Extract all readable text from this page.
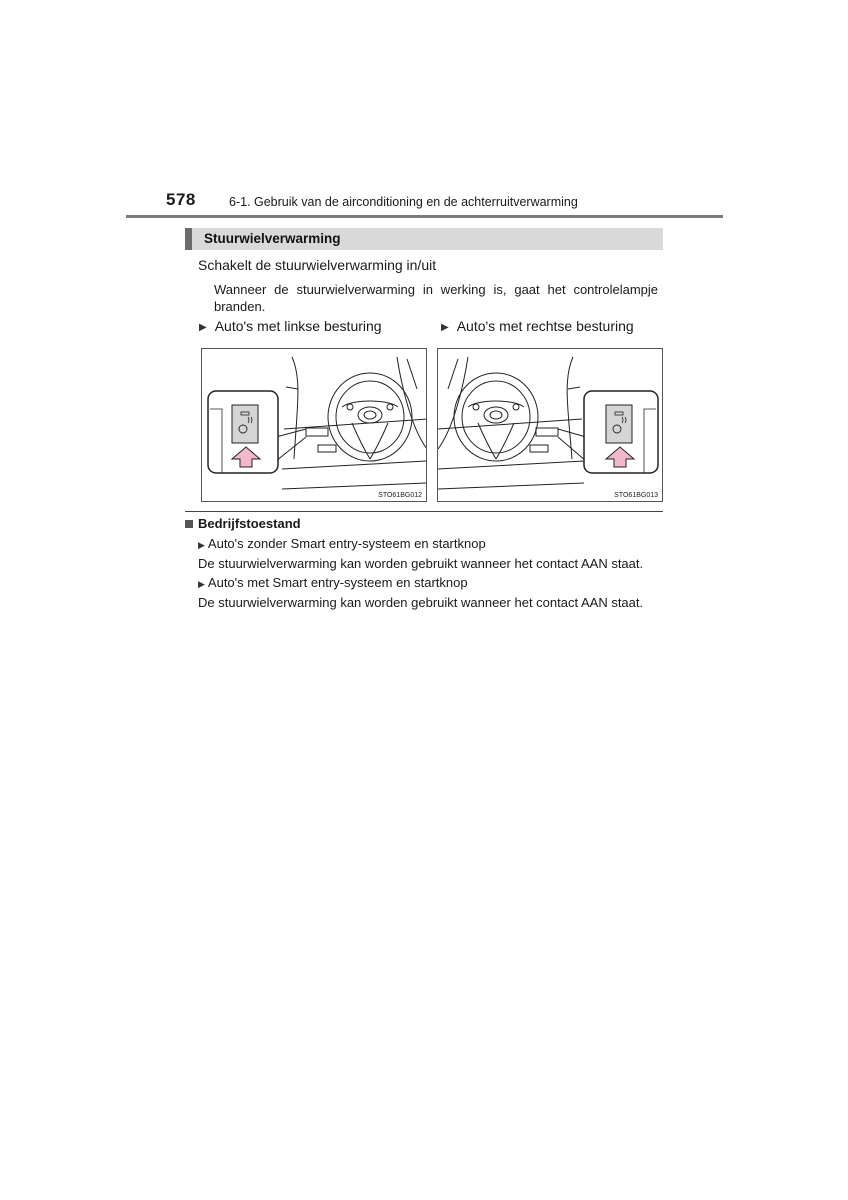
578	6-1. Gebruik van de airconditioning en de achterruitverwarming
Stuurwielverwarming
Schakelt de stuurwielverwarming in/uit
Wanneer de stuurwielverwarming in werking is, gaat het controlelampje branden.
▶ Auto's met linkse besturing	▶ Auto's met rechtse besturing
STO61BG012	STO61BG013
Bedrijfstoestand
▶ Auto's zonder Smart entry-systeem en startknop
De stuurwielverwarming kan worden gebruikt wanneer het contact AAN staat.
▶ Auto's met Smart entry-systeem en startknop
De stuurwielverwarming kan worden gebruikt wanneer het contact AAN staat.
